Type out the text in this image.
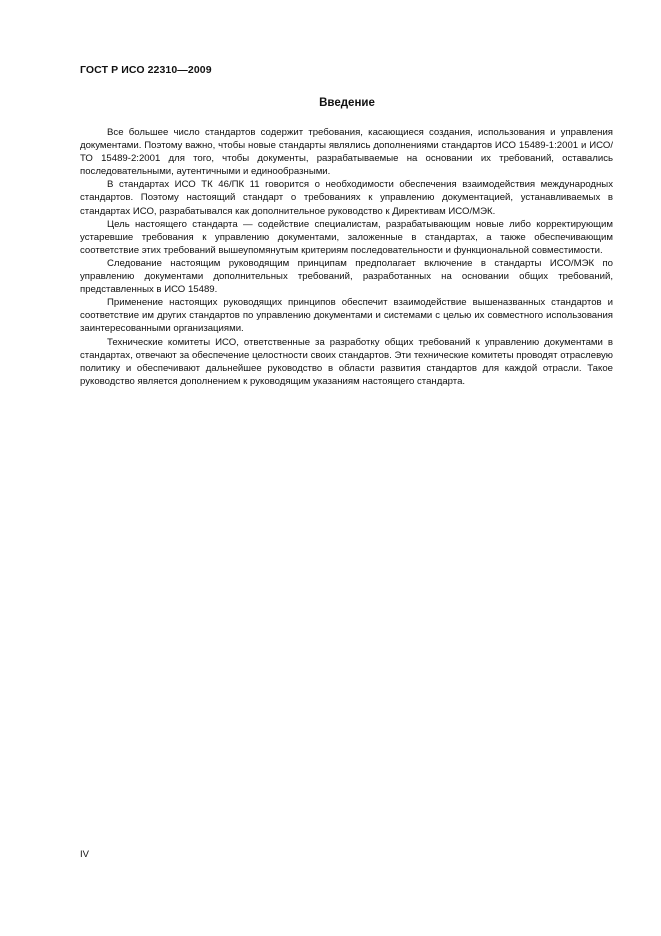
ГОСТ Р ИСО 22310—2009
Введение

Все большее число стандартов содержит требования, касающиеся создания, использования и управления документами. Поэтому важно, чтобы новые стандарты являлись дополнениями стандартов ИСО 15489-1:2001 и ИСО/ТО 15489-2:2001 для того, чтобы документы, разрабатываемые на основании их требований, оставались последовательными, аутентичными и единообразными.

В стандартах ИСО ТК 46/ПК 11 говорится о необходимости обеспечения взаимодействия международных стандартов. Поэтому настоящий стандарт о требованиях к управлению документацией, устанавливаемых в стандартах ИСО, разрабатывался как дополнительное руководство к Директивам ИСО/МЭК.

Цель настоящего стандарта — содействие специалистам, разрабатывающим новые либо корректирующим устаревшие требования к управлению документами, заложенные в стандартах, а также обеспечивающим соответствие этих требований вышеупомянутым критериям последовательности и функциональной совместимости.

Следование настоящим руководящим принципам предполагает включение в стандарты ИСО/МЭК по управлению документами дополнительных требований, разработанных на основании общих требований, представленных в ИСО 15489.

Применение настоящих руководящих принципов обеспечит взаимодействие вышеназванных стандартов и соответствие им других стандартов по управлению документами и системами с целью их совместного использования заинтересованными организациями.

Технические комитеты ИСО, ответственные за разработку общих требований к управлению документами в стандартах, отвечают за обеспечение целостности своих стандартов. Эти технические комитеты проводят отраслевую политику и обеспечивают дальнейшее руководство в области развития стандартов для каждой отрасли. Такое руководство является дополнением к руководящим указаниям настоящего стандарта.

IV
